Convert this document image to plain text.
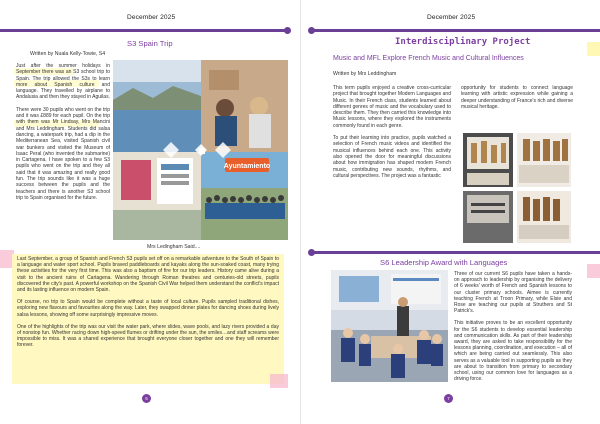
December 2025
S3 Spain Trip
Written by Nuala Kelly-Towie, S4

Just after the summer holidays in September there was an S3 school trip to Spain. The trip allowed the S3s to learn more about Spanish culture and language. They travelled by airplane to Andalusia and then they stayed in Aguilas.

There were 30 pupils who went on the trip and it was £889 for each pupil. On the trip with them was Mr Lindsay, Mrs Mancini and Mrs Leddingham. Students did salsa dancing, a waterpark trip, had a dip in the Mediterranean Sea, visited Spanish civil war bunkers and visited the Museum of Isaac Peral (who invented the submarine) in Cartagena. I have spoken to a few S3 pupils who went on the trip and they all said that it was amazing and really good fun. The trip sounds like it was a huge success between the pupils and the teachers and there is another S3 school trip to Spain organised for the future.

Ayuntamiento
Mrs Ledingham Said....

Last September, a group of Spanish and French S3 pupils set off on a remarkable adventure to the South of Spain to a language and water sport school. Pupils braved paddleboards and kayaks along the sun-soaked coast, many trying these activities for the very first time. This was also a baptism of fire for our trip leaders. History came alive during a visit to the ancient ruins of Cartagena. Wandering through Roman theatres and centuries-old streets, pupils discovered the city's past. A powerful workshop on the Spanish Civil War helped them understand the conflict's impact and its lasting influence on modern Spain.

Of course, no trip to Spain would be complete without a taste of local culture. Pupils sampled traditional dishes, exploring new flavours and favourites along the way. Later, they swapped dinner plates for dancing shoes during lively salsa lessons, showing off some surprisingly impressive moves.

One of the highlights of the trip was our visit the water park, where slides, wave pools, and lazy rivers provided a day of nonstop fun. Whether racing down high-speed flumes or drifting under the sun, the smiles…and staff screams were impossible to miss. It was a shared experience that brought everyone closer together and one they will remember forever.

6
December 2025
Interdisciplinary Project
Music and MFL Explore French Music and Cultural Influences
Written by Mrs Leddingham

This term pupils enjoyed a creative cross-curricular project that brought together Modern Languages and Music. In their French class, students learned about different genres of music and the vocabulary used to describe them. They then carried this knowledge into Music lessons, where they explored the instruments commonly found in each genre.

To put their learning into practice, pupils watched a selection of French music videos and identified the musical influences behind each one. This activity also opened the door for meaningful discussions about how immigration has shaped modern French music, contributing new sounds, rhythms, and cultural perspectives. The project was a fantastic

opportunity for students to connect language learning with artistic expression while gaining a deeper understanding of France's rich and diverse musical heritage.

S6 Leadership Award with Languages

Three of our current S6 pupils have taken a hands-on approach to leadership by organising the delivery of 6 weeks' worth of French and Spanish lessons to our cluster primary schools. Aimee is currently teaching French at Troon Primary, while Elsie and Rose are teaching our pupils at Struthers and St Patrick's.

This initiative proves to be an excellent opportunity for the S6 students to develop essential leadership and communication skills. As part of their leadership award, they are asked to take responsibility for the lessons planning, coordination, and execution – all of which are being carried out seamlessly. This also serves as a valuable tool in supporting pupils as they are about to transition from primary to secondary school, using our common love for languages as a driving force.

7
